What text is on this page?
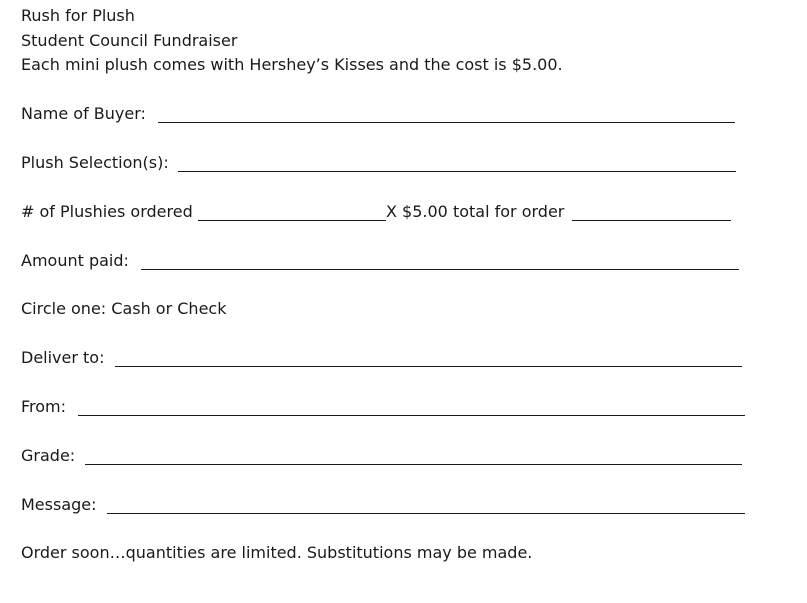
Rush for Plush
Student Council Fundraiser
Each mini plush comes with Hershey’s Kisses and the cost is $5.00.
Name of Buyer:
Plush Selection(s):
# of Plushies ordered	X $5.00 total for order
Amount paid:
Circle one: Cash or Check
Deliver to:
From:
Grade:
Message:
Order soon…quantities are limited. Substitutions may be made.
